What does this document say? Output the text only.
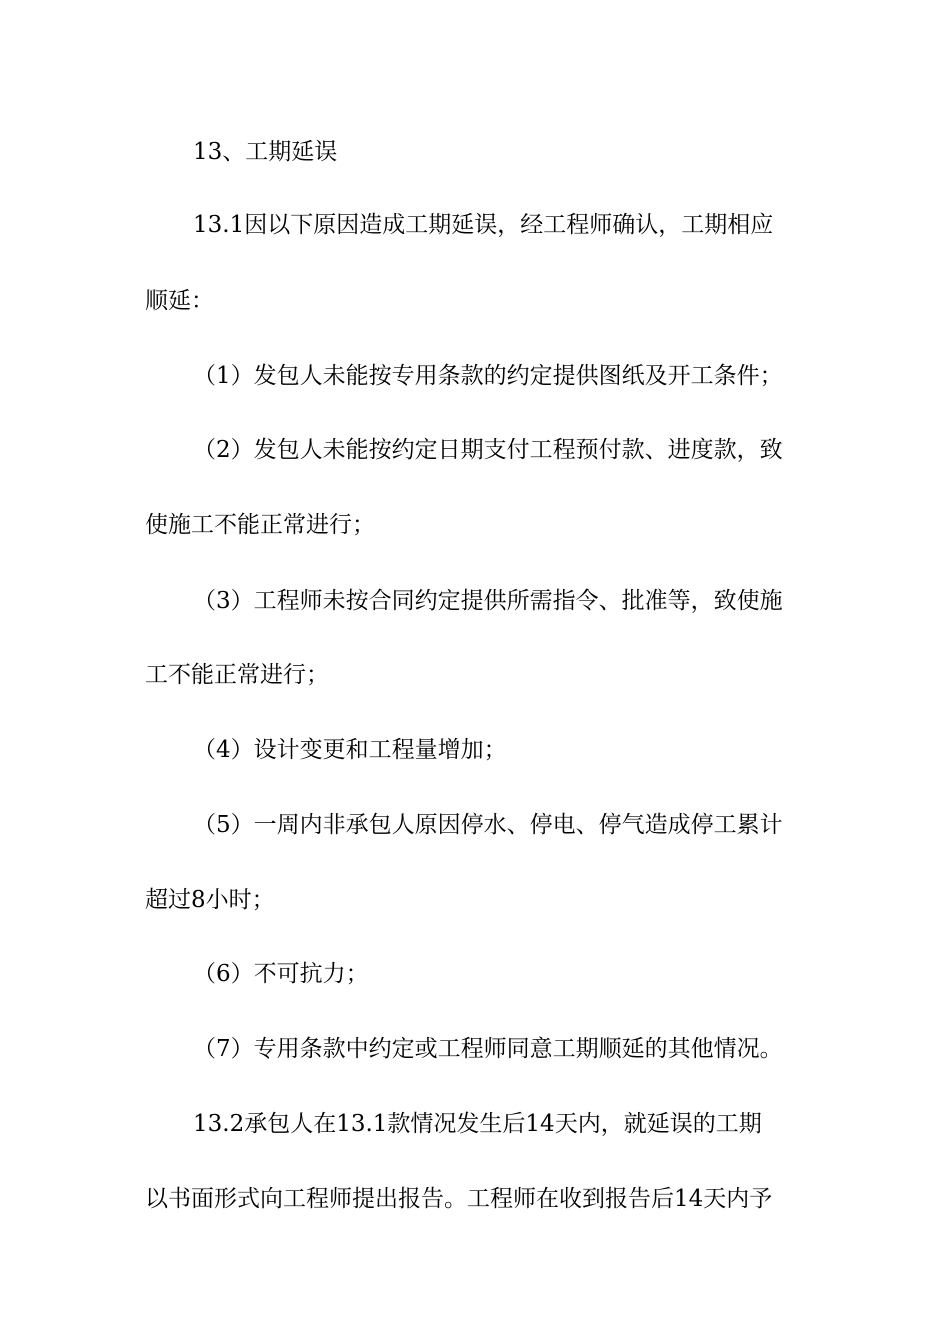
13、工期延误
13.1因以下原因造成工期延误，经工程师确认，工期相应
顺延：
（1）发包人未能按专用条款的约定提供图纸及开工条件；
（2）发包人未能按约定日期支付工程预付款、进度款，致
使施工不能正常进行；
（3）工程师未按合同约定提供所需指令、批准等，致使施
工不能正常进行；
（4）设计变更和工程量增加；
（5）一周内非承包人原因停水、停电、停气造成停工累计
超过8小时；
（6）不可抗力；
（7）专用条款中约定或工程师同意工期顺延的其他情况。
13.2承包人在13.1款情况发生后14天内，就延误的工期
以书面形式向工程师提出报告。工程师在收到报告后14天内予
